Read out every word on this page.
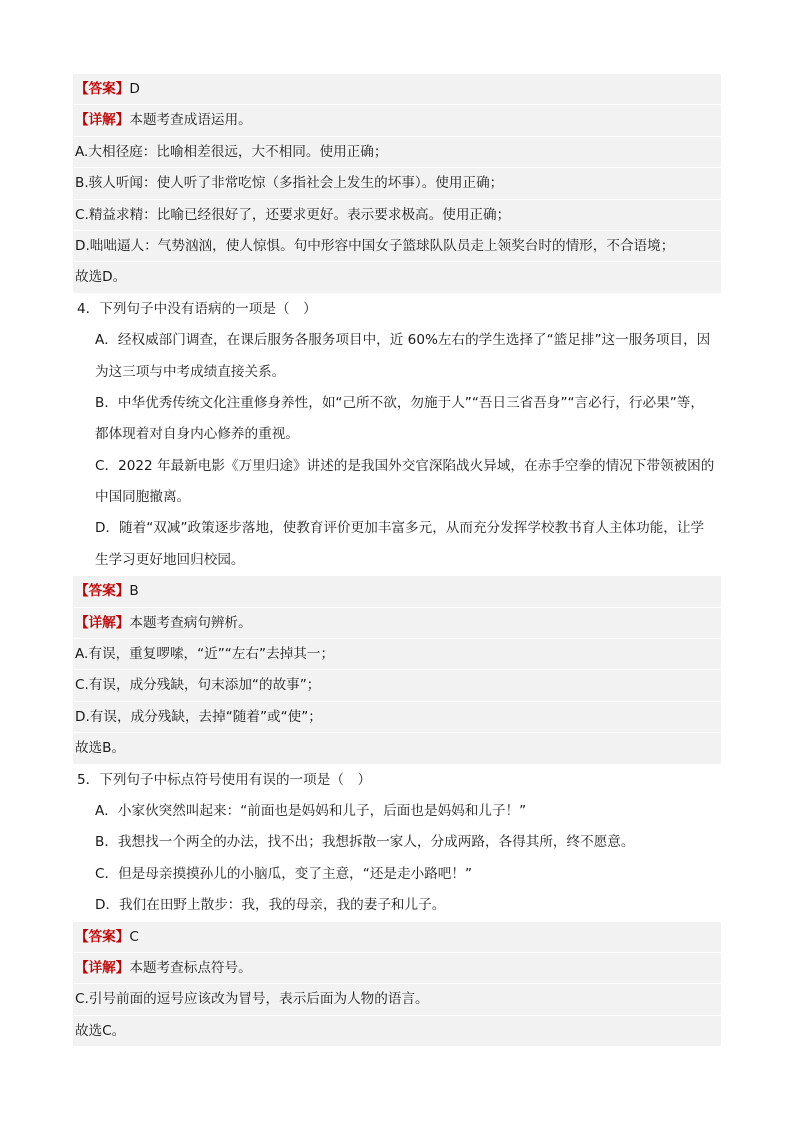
【答案】D
【详解】本题考查成语运用。
A.大相径庭：比喻相差很远，大不相同。使用正确；
B.骇人听闻：使人听了非常吃惊（多指社会上发生的坏事）。使用正确；
C.精益求精：比喻已经很好了，还要求更好。表示要求极高。使用正确；
D.咄咄逼人：气势汹汹，使人惊惧。句中形容中国女子篮球队队员走上领奖台时的情形，不合语境；
故选D。
4．下列句子中没有语病的一项是（　）
A．经权威部门调查，在课后服务各服务项目中，近 60%左右的学生选择了“篮足排”这一服务项目，因
为这三项与中考成绩直接关系。
B．中华优秀传统文化注重修身养性，如“己所不欲，勿施于人”“吾日三省吾身”“言必行，行必果”等，
都体现着对自身内心修养的重视。
C．2022 年最新电影《万里归途》讲述的是我国外交官深陷战火异域，在赤手空拳的情况下带领被困的
中国同胞撤离。
D．随着“双减”政策逐步落地，使教育评价更加丰富多元，从而充分发挥学校教书育人主体功能，让学
生学习更好地回归校园。
【答案】B
【详解】本题考查病句辨析。
A.有误，重复啰嗦，“近”“左右”去掉其一；
C.有误，成分残缺，句末添加“的故事”；
D.有误，成分残缺，去掉“随着”或“使”；
故选B。
5．下列句子中标点符号使用有误的一项是（　）
A．小家伙突然叫起来：“前面也是妈妈和儿子，后面也是妈妈和儿子！”
B．我想找一个两全的办法，找不出；我想拆散一家人，分成两路，各得其所，终不愿意。
C．但是母亲摸摸孙儿的小脑瓜，变了主意，“还是走小路吧！”
D．我们在田野上散步：我，我的母亲，我的妻子和儿子。
【答案】C
【详解】本题考查标点符号。
C.引号前面的逗号应该改为冒号，表示后面为人物的语言。
故选C。
